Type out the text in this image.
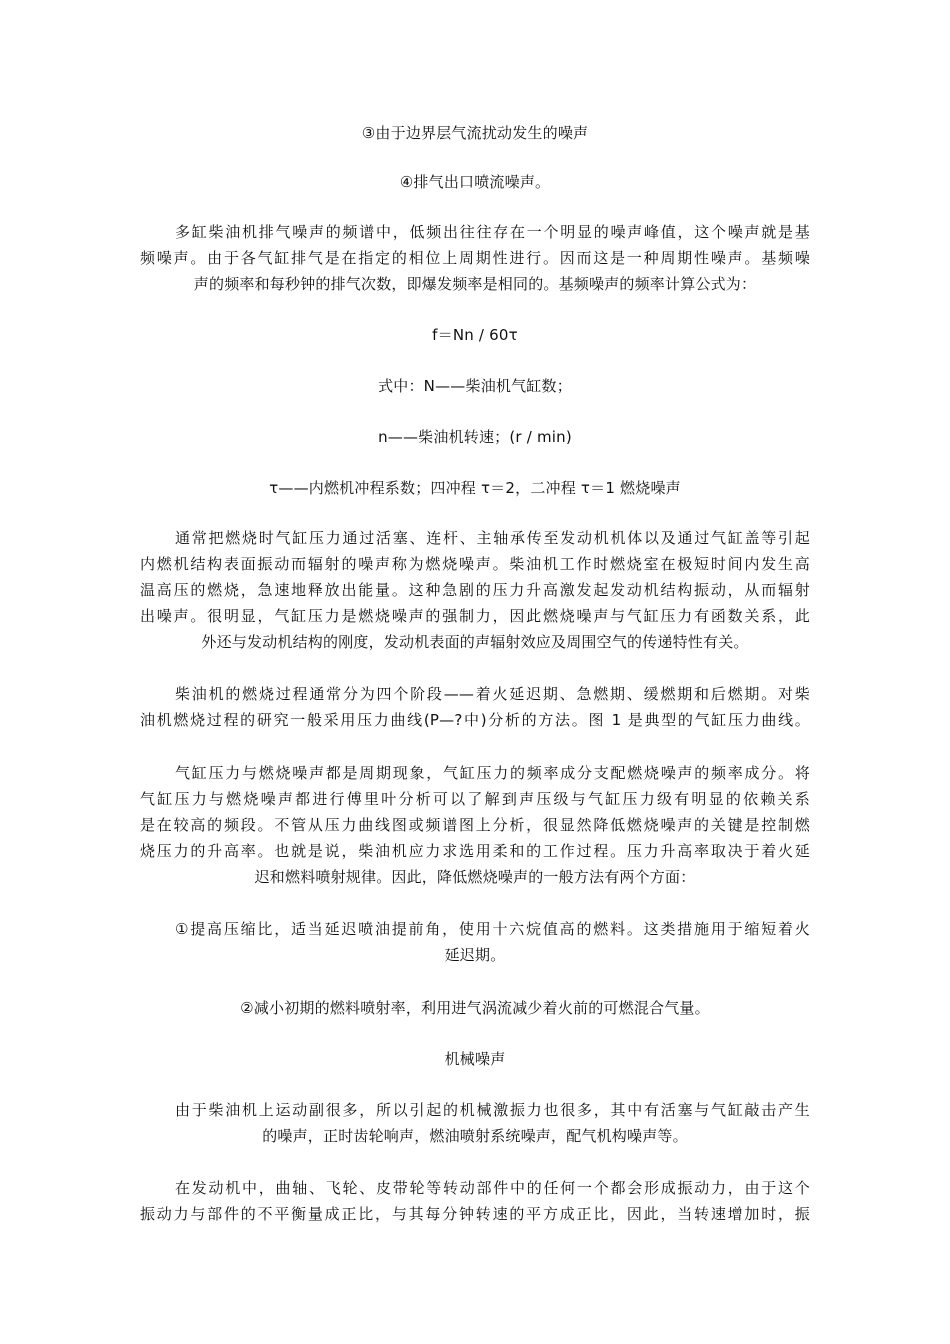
③由于边界层气流扰动发生的噪声
④排气出口喷流噪声。
多缸柴油机排气噪声的频谱中，低频出往往存在一个明显的噪声峰值，这个噪声就是基
频噪声。由于各气缸排气是在指定的相位上周期性进行。因而这是一种周期性噪声。基频噪
声的频率和每秒钟的排气次数，即爆发频率是相同的。基频噪声的频率计算公式为：
f＝Nn / 60τ
式中：N——柴油机气缸数；
n——柴油机转速；(r / min)
τ——内燃机冲程系数；四冲程 τ＝2，二冲程 τ＝1 燃烧噪声
通常把燃烧时气缸压力通过活塞、连杆、主轴承传至发动机机体以及通过气缸盖等引起
内燃机结构表面振动而辐射的噪声称为燃烧噪声。柴油机工作时燃烧室在极短时间内发生高
温高压的燃烧，急速地释放出能量。这种急剧的压力升高激发起发动机结构振动，从而辐射
出噪声。很明显，气缸压力是燃烧噪声的强制力，因此燃烧噪声与气缸压力有函数关系，此
外还与发动机结构的刚度，发动机表面的声辐射效应及周围空气的传递特性有关。
柴油机的燃烧过程通常分为四个阶段——着火延迟期、急燃期、缓燃期和后燃期。对柴
油机燃烧过程的研究一般采用压力曲线(P—?中)分析的方法。图 1 是典型的气缸压力曲线。
气缸压力与燃烧噪声都是周期现象，气缸压力的频率成分支配燃烧噪声的频率成分。将
气缸压力与燃烧噪声都进行傅里叶分析可以了解到声压级与气缸压力级有明显的依赖关系
是在较高的频段。不管从压力曲线图或频谱图上分析，很显然降低燃烧噪声的关键是控制燃
烧压力的升高率。也就是说，柴油机应力求选用柔和的工作过程。压力升高率取决于着火延
迟和燃料喷射规律。因此，降低燃烧噪声的一般方法有两个方面：
①提高压缩比，适当延迟喷油提前角，使用十六烷值高的燃料。这类措施用于缩短着火
延迟期。
②减小初期的燃料喷射率，利用进气涡流减少着火前的可燃混合气量。
机械噪声
由于柴油机上运动副很多，所以引起的机械激振力也很多，其中有活塞与气缸敲击产生
的噪声，正时齿轮响声，燃油喷射系统噪声，配气机构噪声等。
在发动机中，曲轴、飞轮、皮带轮等转动部件中的任何一个都会形成振动力，由于这个
振动力与部件的不平衡量成正比，与其每分钟转速的平方成正比，因此，当转速增加时，振
